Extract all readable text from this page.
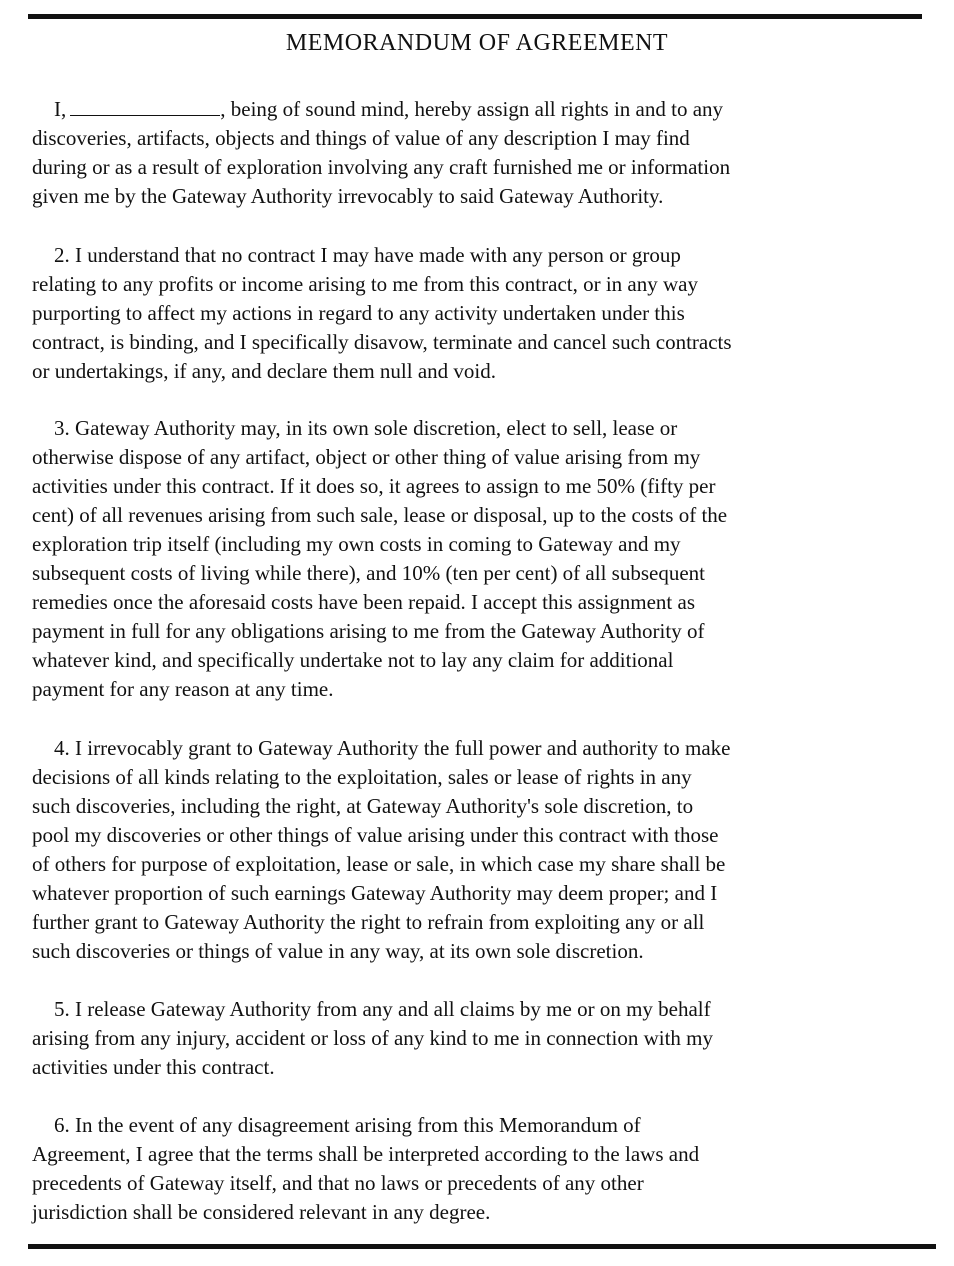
MEMORANDUM OF AGREEMENT
I,	, being of sound mind, hereby assign all rights in and to any
discoveries, artifacts, objects and things of value of any description I may find
during or as a result of exploration involving any craft furnished me or information
given me by the Gateway Authority irrevocably to said Gateway Authority.
2. I understand that no contract I may have made with any person or group
relating to any profits or income arising to me from this contract, or in any way
purporting to affect my actions in regard to any activity undertaken under this
contract, is binding, and I specifically disavow, terminate and cancel such contracts
or undertakings, if any, and declare them null and void.
3. Gateway Authority may, in its own sole discretion, elect to sell, lease or
otherwise dispose of any artifact, object or other thing of value arising from my
activities under this contract. If it does so, it agrees to assign to me 50% (fifty per
cent) of all revenues arising from such sale, lease or disposal, up to the costs of the
exploration trip itself (including my own costs in coming to Gateway and my
subsequent costs of living while there), and 10% (ten per cent) of all subsequent
remedies once the aforesaid costs have been repaid. I accept this assignment as
payment in full for any obligations arising to me from the Gateway Authority of
whatever kind, and specifically undertake not to lay any claim for additional
payment for any reason at any time.
4. I irrevocably grant to Gateway Authority the full power and authority to make
decisions of all kinds relating to the exploitation, sales or lease of rights in any
such discoveries, including the right, at Gateway Authority's sole discretion, to
pool my discoveries or other things of value arising under this contract with those
of others for purpose of exploitation, lease or sale, in which case my share shall be
whatever proportion of such earnings Gateway Authority may deem proper; and I
further grant to Gateway Authority the right to refrain from exploiting any or all
such discoveries or things of value in any way, at its own sole discretion.
5. I release Gateway Authority from any and all claims by me or on my behalf
arising from any injury, accident or loss of any kind to me in connection with my
activities under this contract.
6. In the event of any disagreement arising from this Memorandum of
Agreement, I agree that the terms shall be interpreted according to the laws and
precedents of Gateway itself, and that no laws or precedents of any other
jurisdiction shall be considered relevant in any degree.
